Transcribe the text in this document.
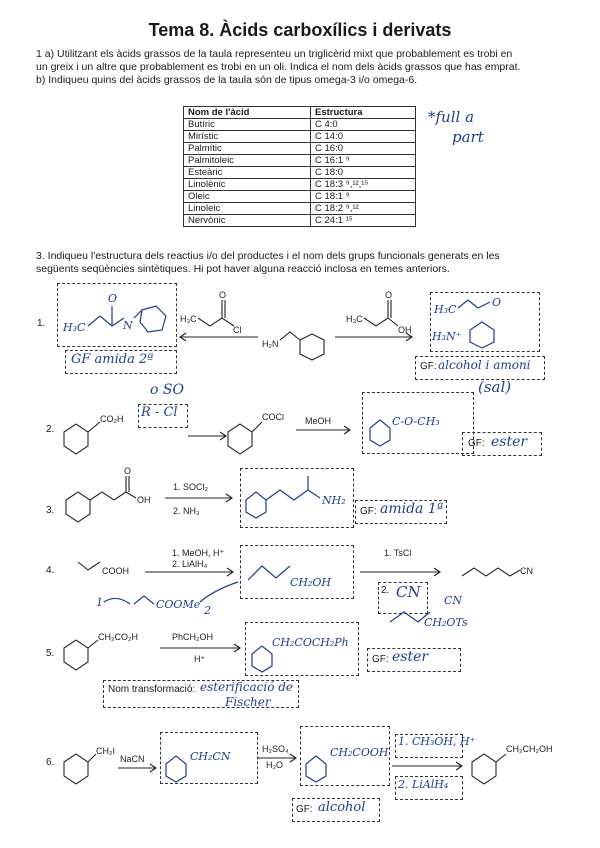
Tema 8. Àcids carboxílics i derivats
1 a) Utilitzant els àcids grassos de la taula representeu un triglicèrid mixt que probablement es trobi en
un greix i un altre que probablement es trobi en un oli. Indica el nom dels àcids grassos que has emprat.
b) Indiqueu quins del àcids grassos de la taula són de tipus omega-3 i/o omega-6.
Nom de l'àcid	Estructura
Butíric	C 4:0
Mirístic	C 14:0
Palmític	C 16:0
Palmitoleic	C 16:1 ⁹
Esteàric	C 18:0
Linolènic	C 18:3 ⁹,¹²,¹⁵
Oleic	C 18:1 ⁹
Linoleic	C 18:2 ⁹,¹²
Nervònic	C 24:1 ¹⁵
*full a
part
3. Indiqueu l'estructura dels reactius i/o del productes i el nom dels grups funcionals generats en les
següents seqüències sintètiques. Hi pot haver alguna reacció inclosa en temes anteriors.
1.
GF amida 2ª	GF: alcohol i amoni
(sal)
2.
R - Cl
o SO
GF: ester
3.	GF: amida 1ª
4.
2. CN
5.
GF: ester
Nom transformació: esterificació de
Fischer
6.
1. CH₃OH, H⁺
2. LiAlH₄
GF: alcohol
H₃C
O
N	H₃C
O
Cl
H₂N
H₃C
O
OH
H₃C
O
H₃N⁺
CO₂H	COCl MeOH	C-O-CH₃
O
OH
1. SOCl₂
2. NH₃
NH₂
COOH
1. MeOH, H⁺
2. LiAlH₄
CH₂OH
1. TsCl
CN
1	COOMe 2
CH₂OTs
CN
CH₂CO₂H	PhCH₂OH
H⁺
CH₂COCH₂Ph
CH₂I
NaCN	CH₂CN
H₂SO₄
H₂O
CH₂COOH	CH₂CH₂OH
